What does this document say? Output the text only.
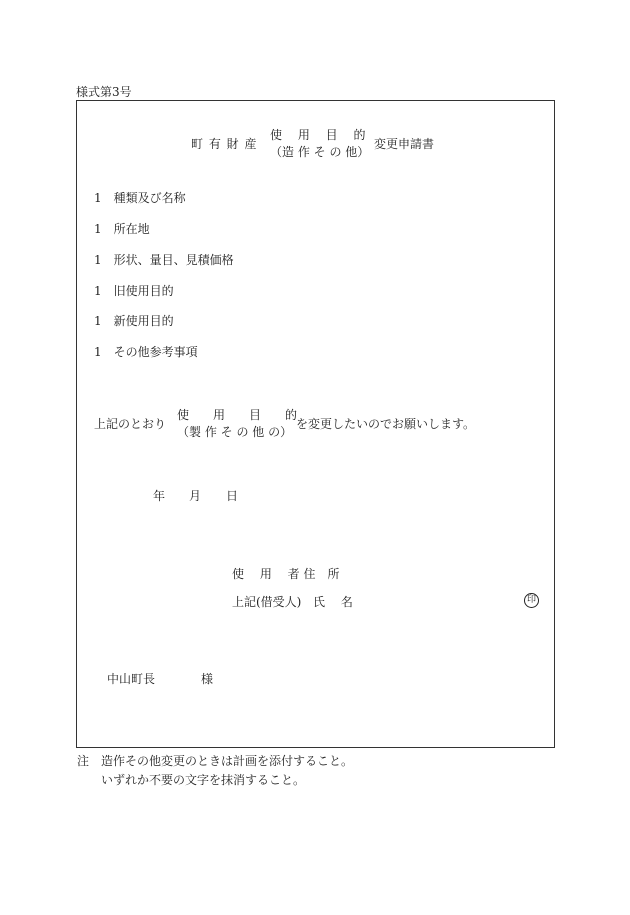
様式第3号
町 有 財 産
使　 用　 目　 的
（造 作 そ の 他）
変更申請書
1 種類及び名称
1 所在地
1 形状、量目、見積価格
1 旧使用目的
1 新使用目的
1 その他参考事項
上記のとおり
使　　用　　目　　的
（製 作 そ の 他 の）
を変更したいのでお願いします。
年 月 日
使　 用　 者 住　所
上記(借受人) 氏　 名	印
中山町長	様
注 造作その他変更のときは計画を添付すること。
いずれか不要の文字を抹消すること。
